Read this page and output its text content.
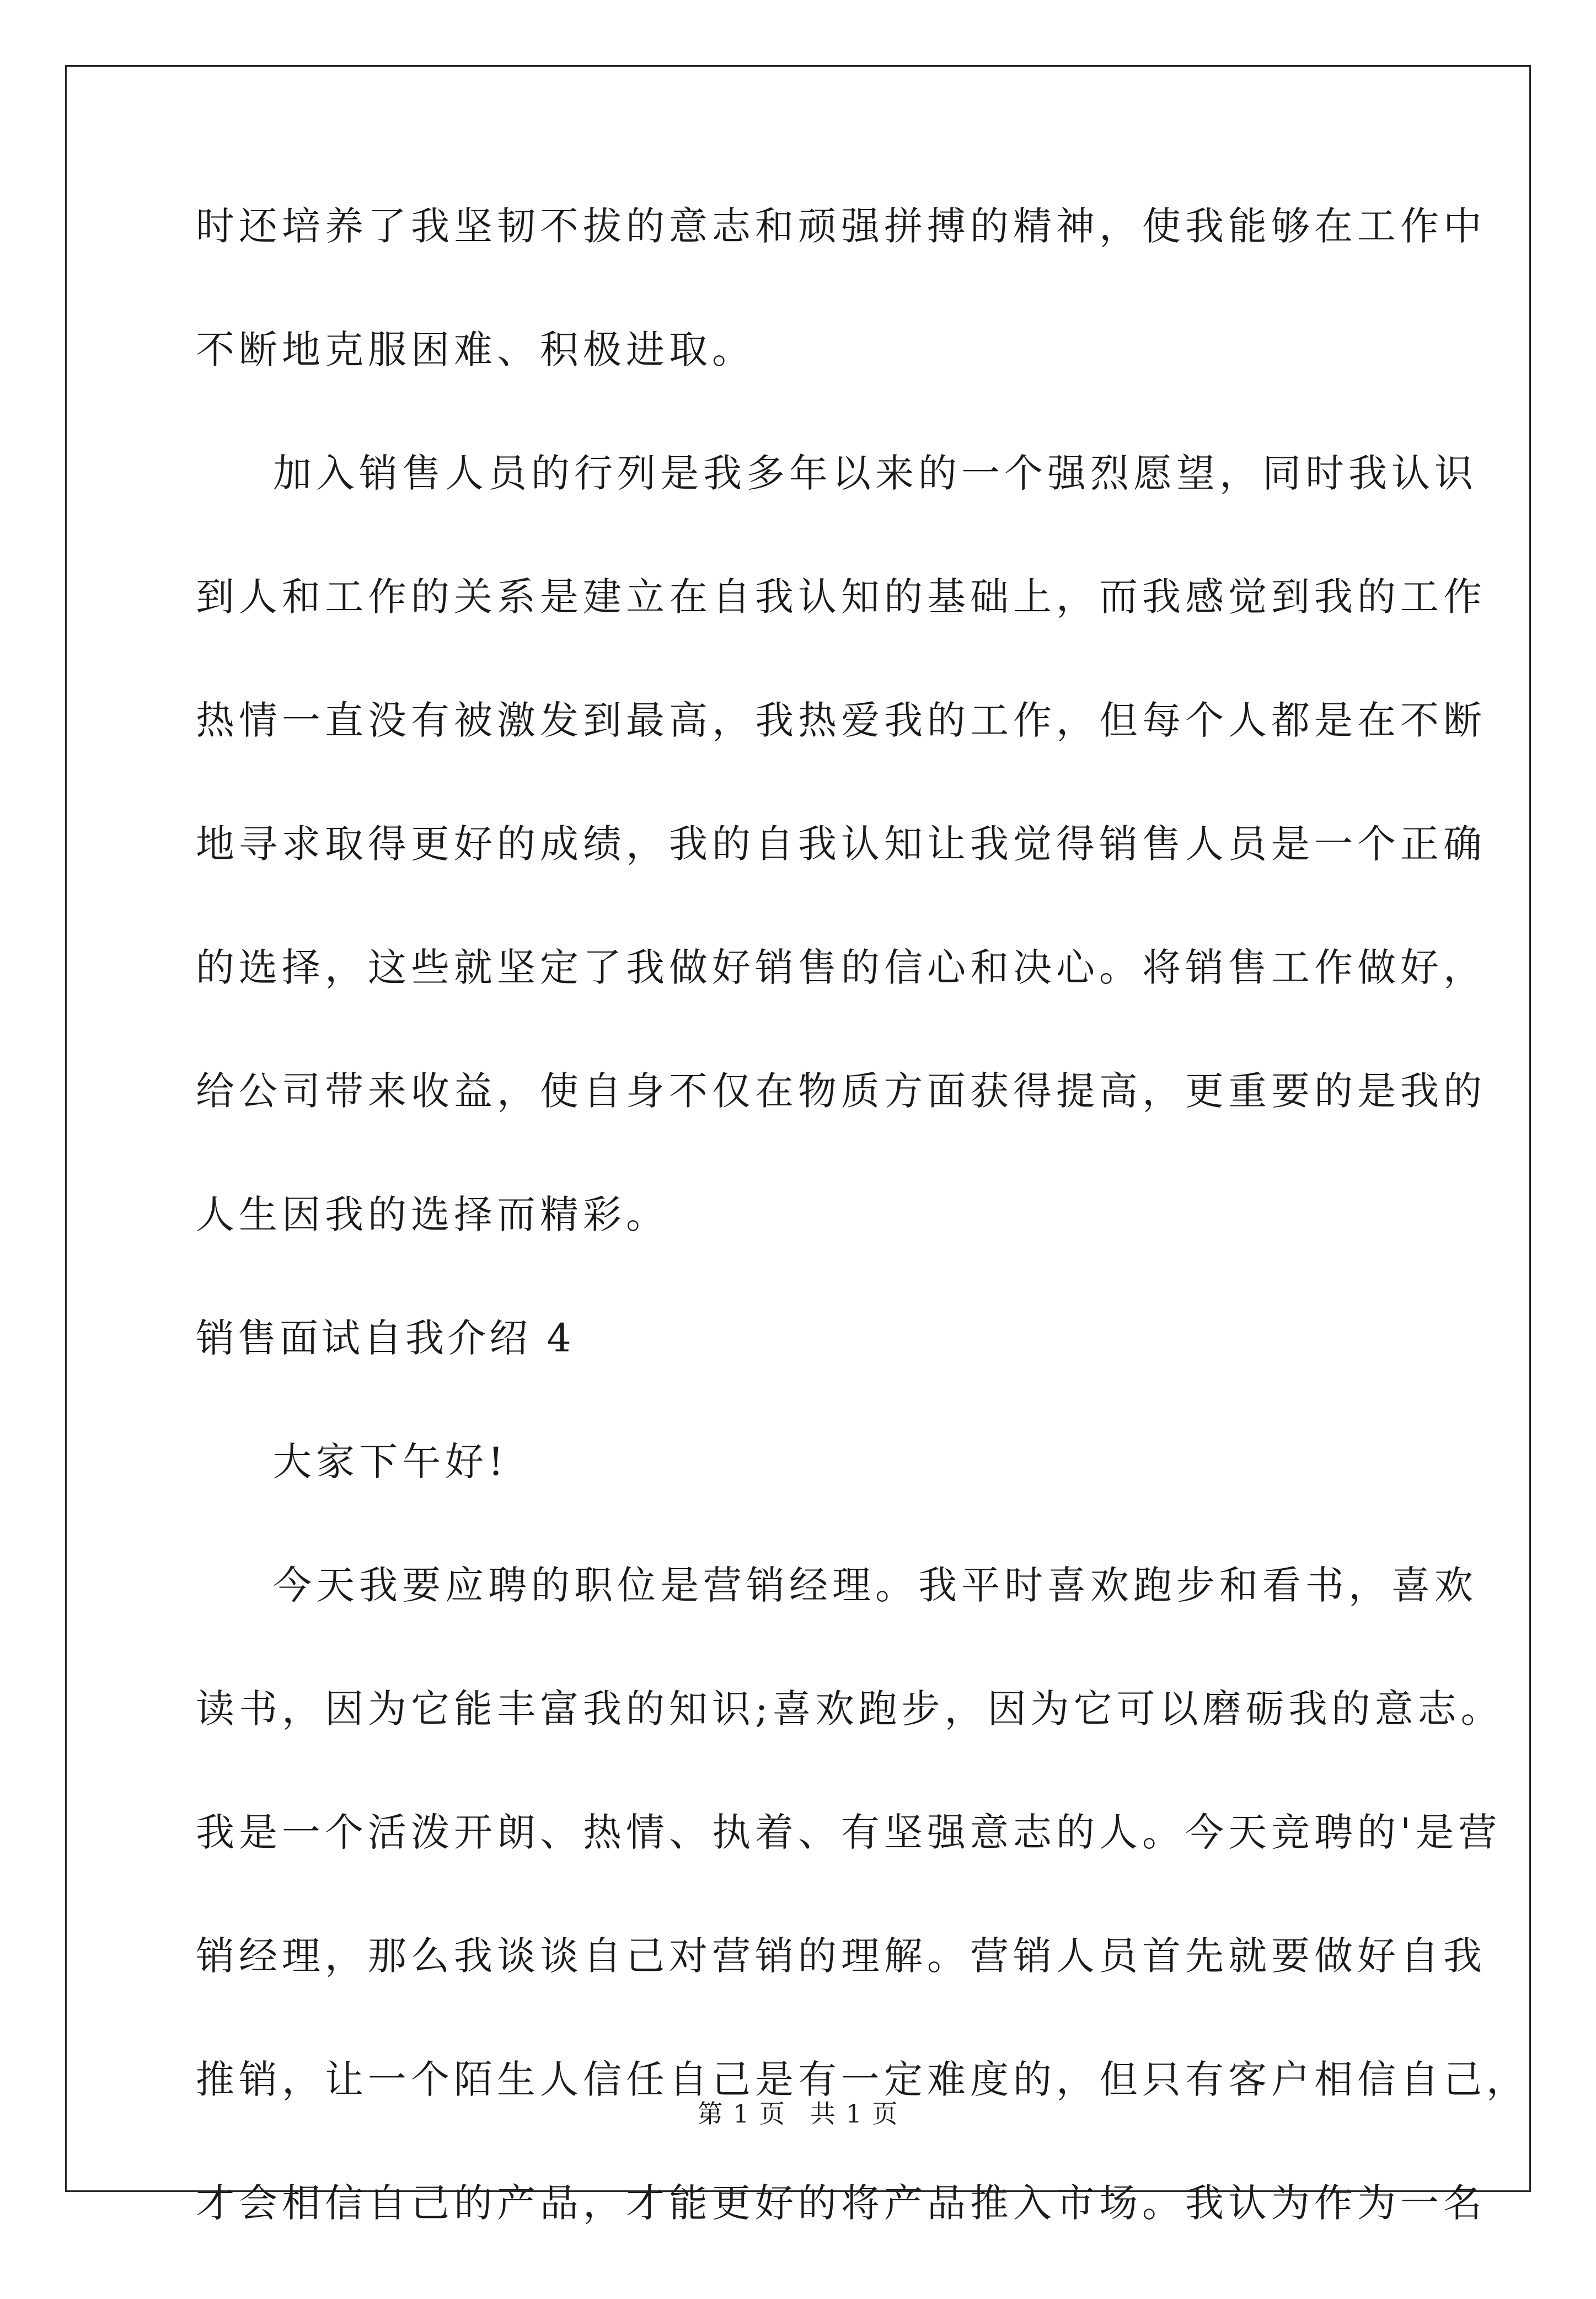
时还培养了我坚韧不拔的意志和顽强拼搏的精神，使我能够在工作中
不断地克服困难、积极进取。
加入销售人员的行列是我多年以来的一个强烈愿望，同时我认识
到人和工作的关系是建立在自我认知的基础上，而我感觉到我的工作
热情一直没有被激发到最高，我热爱我的工作，但每个人都是在不断
地寻求取得更好的成绩，我的自我认知让我觉得销售人员是一个正确
的选择，这些就坚定了我做好销售的信心和决心。将销售工作做好，
给公司带来收益，使自身不仅在物质方面获得提高，更重要的是我的
人生因我的选择而精彩。
销售面试自我介绍 4
大家下午好!
今天我要应聘的职位是营销经理。我平时喜欢跑步和看书，喜欢
读书，因为它能丰富我的知识;喜欢跑步，因为它可以磨砺我的意志。
我是一个活泼开朗、热情、执着、有坚强意志的人。今天竞聘的'是营
销经理，那么我谈谈自己对营销的理解。营销人员首先就要做好自我
推销，让一个陌生人信任自己是有一定难度的，但只有客户相信自己，
才会相信自己的产品，才能更好的将产品推入市场。我认为作为一名
第 1 页 共 1 页
